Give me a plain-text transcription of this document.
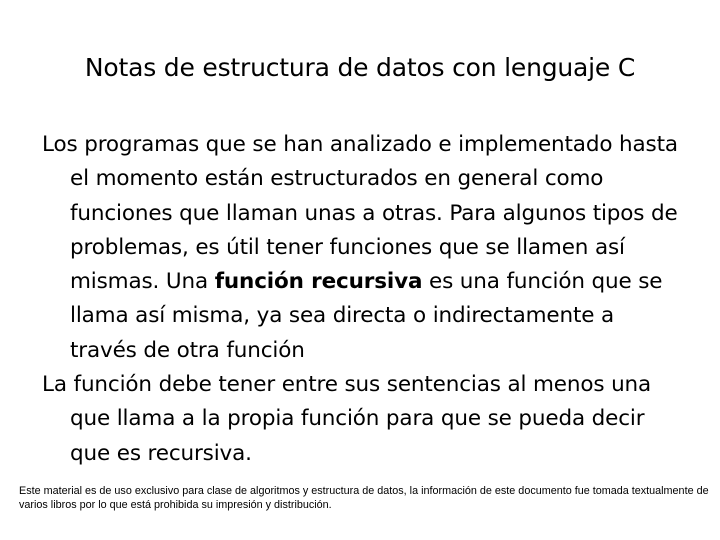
Notas de estructura de datos con lenguaje C

Los programas que se han analizado e implementado hasta el momento están estructurados en general como funciones que llaman unas a otras. Para algunos tipos de problemas, es útil tener funciones que se llamen así mismas. Una función recursiva es una función que se llama así misma, ya sea directa o indirectamente a través de otra función

La función debe tener entre sus sentencias al menos una que llama a la propia función para que se pueda decir que es recursiva.

Este material es de uso exclusivo para clase de algoritmos y estructura de datos, la información de este documento fue tomada textualmente de varios libros por lo que está prohibida su impresión y distribución.
